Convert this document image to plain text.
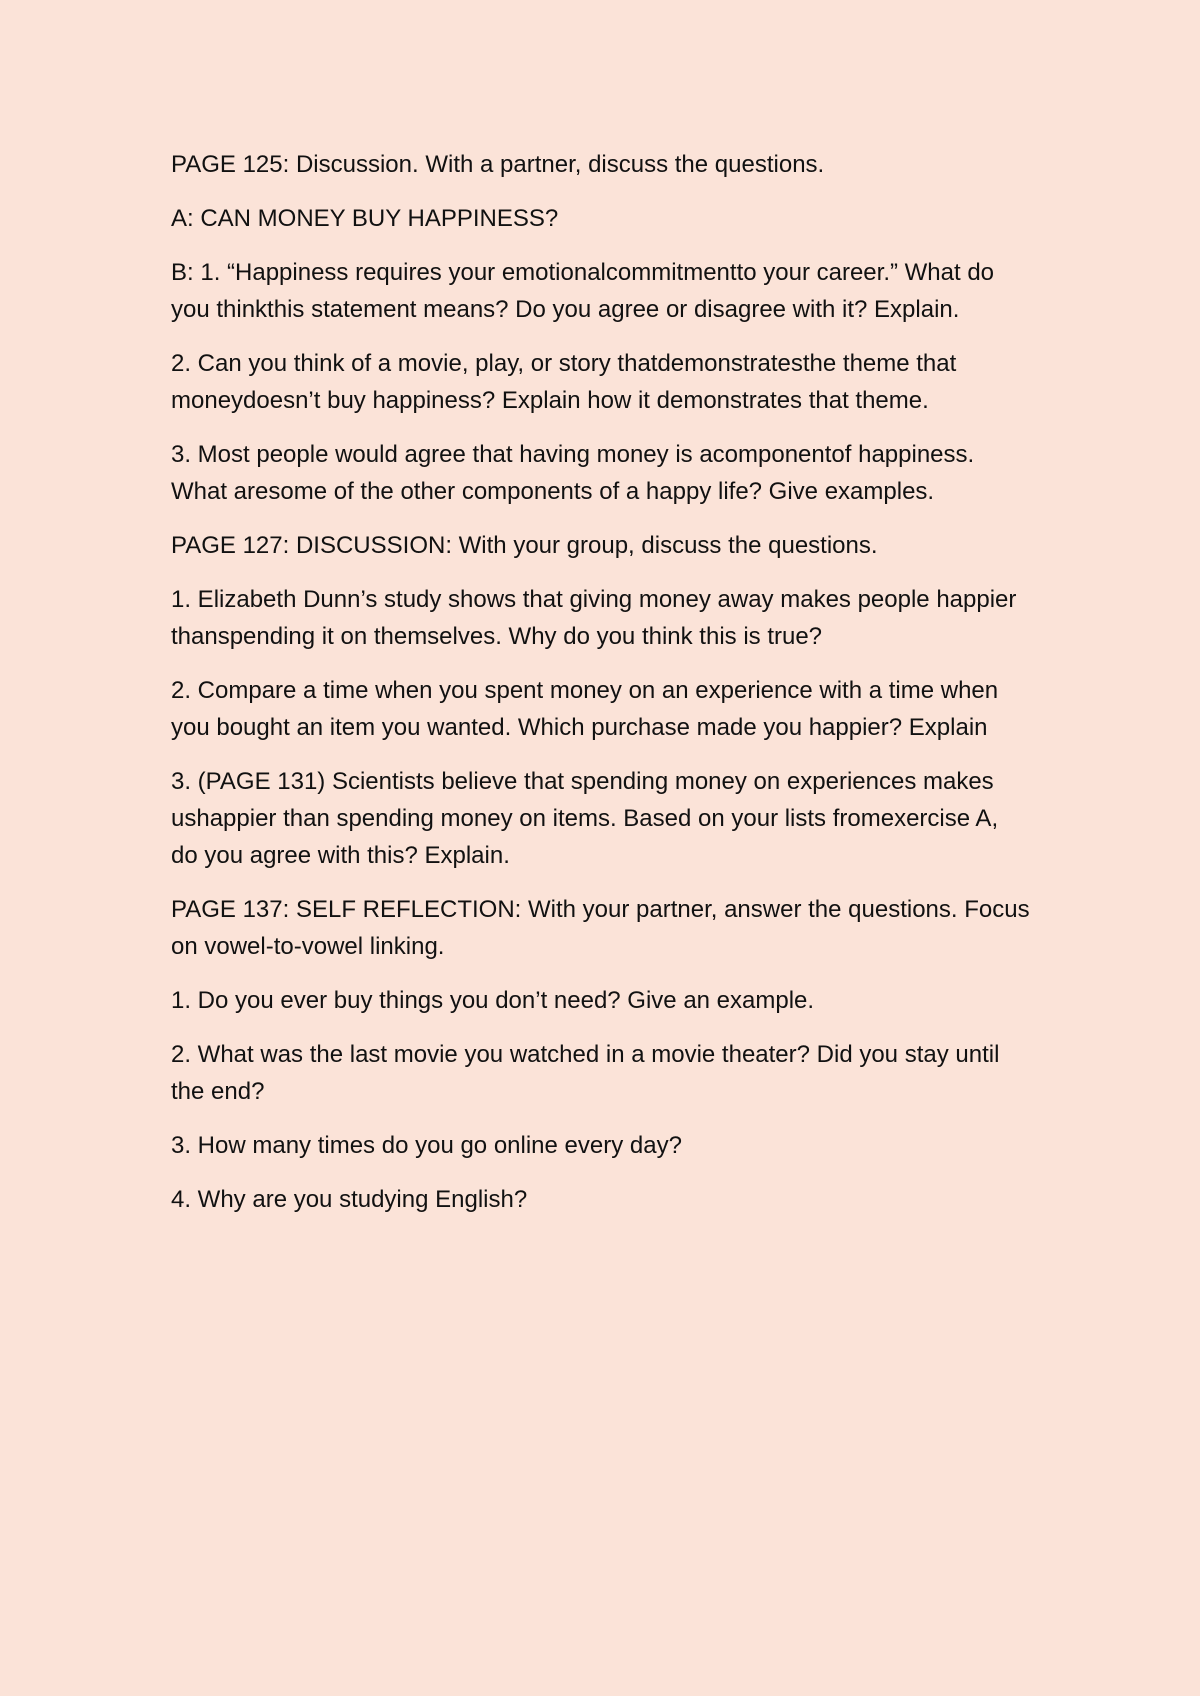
PAGE 125: Discussion. With a partner, discuss the questions.

A: CAN MONEY BUY HAPPINESS?

B: 1. “Happiness requires your emotionalcommitmentto your career.” What do you thinkthis statement means? Do you agree or disagree with it? Explain.

2. Can you think of a movie, play, or story thatdemonstratesthe theme that moneydoesn’t buy happiness? Explain how it demonstrates that theme.

3. Most people would agree that having money is acomponentof happiness. What aresome of the other components of a happy life? Give examples.

PAGE 127: DISCUSSION: With your group, discuss the questions.

1. Elizabeth Dunn’s study shows that giving money away makes people happier thanspending it on themselves. Why do you think this is true?

2. Compare a time when you spent money on an experience with a time when you bought an item you wanted. Which purchase made you happier? Explain

3. (PAGE 131) Scientists believe that spending money on experiences makes ushappier than spending money on items. Based on your lists fromexercise A, do you agree with this? Explain.

PAGE 137: SELF REFLECTION: With your partner, answer the questions. Focus on vowel-to-vowel linking.

1. Do you ever buy things you don’t need? Give an example.

2. What was the last movie you watched in a movie theater? Did you stay until the end?

3. How many times do you go online every day?

4. Why are you studying English?
